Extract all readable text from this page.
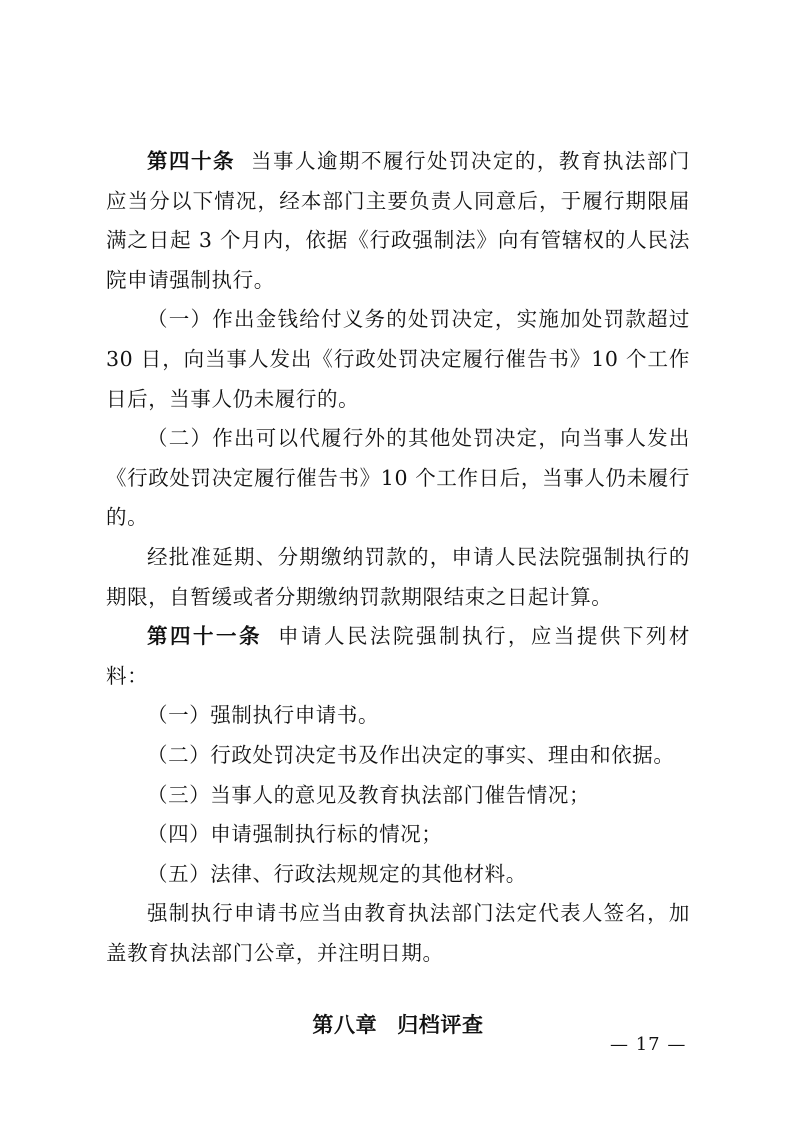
第四十条 当事人逾期不履行处罚决定的，教育执法部门应当分以下情况，经本部门主要负责人同意后，于履行期限届满之日起 3 个月内，依据《行政强制法》向有管辖权的人民法院申请强制执行。

（一）作出金钱给付义务的处罚决定，实施加处罚款超过 30 日，向当事人发出《行政处罚决定履行催告书》10 个工作日后，当事人仍未履行的。

（二）作出可以代履行外的其他处罚决定，向当事人发出《行政处罚决定履行催告书》10 个工作日后，当事人仍未履行的。

经批准延期、分期缴纳罚款的，申请人民法院强制执行的期限，自暂缓或者分期缴纳罚款期限结束之日起计算。

第四十一条 申请人民法院强制执行，应当提供下列材料：

（一）强制执行申请书。

（二）行政处罚决定书及作出决定的事实、理由和依据。

（三）当事人的意见及教育执法部门催告情况；

（四）申请强制执行标的情况；

（五）法律、行政法规规定的其他材料。

强制执行申请书应当由教育执法部门法定代表人签名，加盖教育执法部门公章，并注明日期。

第八章 归档评查

— 17 —
